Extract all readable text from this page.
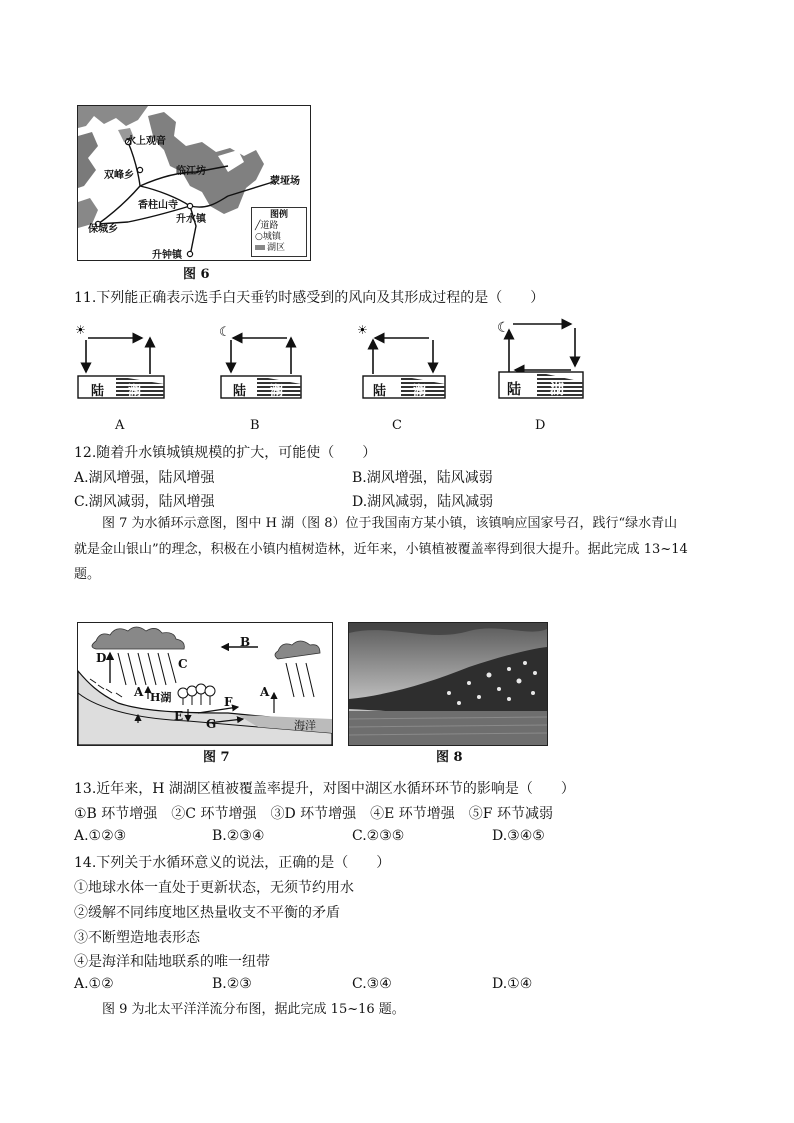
水上观音
双峰乡	临江坊
蒙垭场
香柱山寺
升水镇
保城乡
升钟镇
图例
╱道路
○城镇
湖区
图 6
11.下列能正确表示选手白天垂钓时感受到的风向及其形成过程的是（　　）
☀	☾	☀	☾
陆 湖	陆 湖	陆 湖	陆 湖
A	B	C	D
12.随着升水镇城镇规模的扩大，可能使（　　）
A.湖风增强，陆风增强	B.湖风增强，陆风减弱
C.湖风减弱，陆风增强	D.湖风减弱，陆风减弱
图 7 为水循环示意图，图中 H 湖（图 8）位于我国南方某小镇，该镇响应国家号召，践行“绿水青山
就是金山银山”的理念，积极在小镇内植树造林，近年来，小镇植被覆盖率得到很大提升。据此完成 13~14
题。
B
D	C
A H湖	A
F
E
G	海洋
图 7	图 8
13.近年来，H 湖湖区植被覆盖率提升，对图中湖区水循环环节的影响是（　　）
①B 环节增强　②C 环节增强　③D 环节增强　④E 环节增强　⑤F 环节减弱
A.①②③	B.②③④	C.②③⑤	D.③④⑤
14.下列关于水循环意义的说法，正确的是（　　）
①地球水体一直处于更新状态，无须节约用水
②缓解不同纬度地区热量收支不平衡的矛盾
③不断塑造地表形态
④是海洋和陆地联系的唯一纽带
A.①②	B.②③	C.③④	D.①④
图 9 为北太平洋洋流分布图，据此完成 15~16 题。
